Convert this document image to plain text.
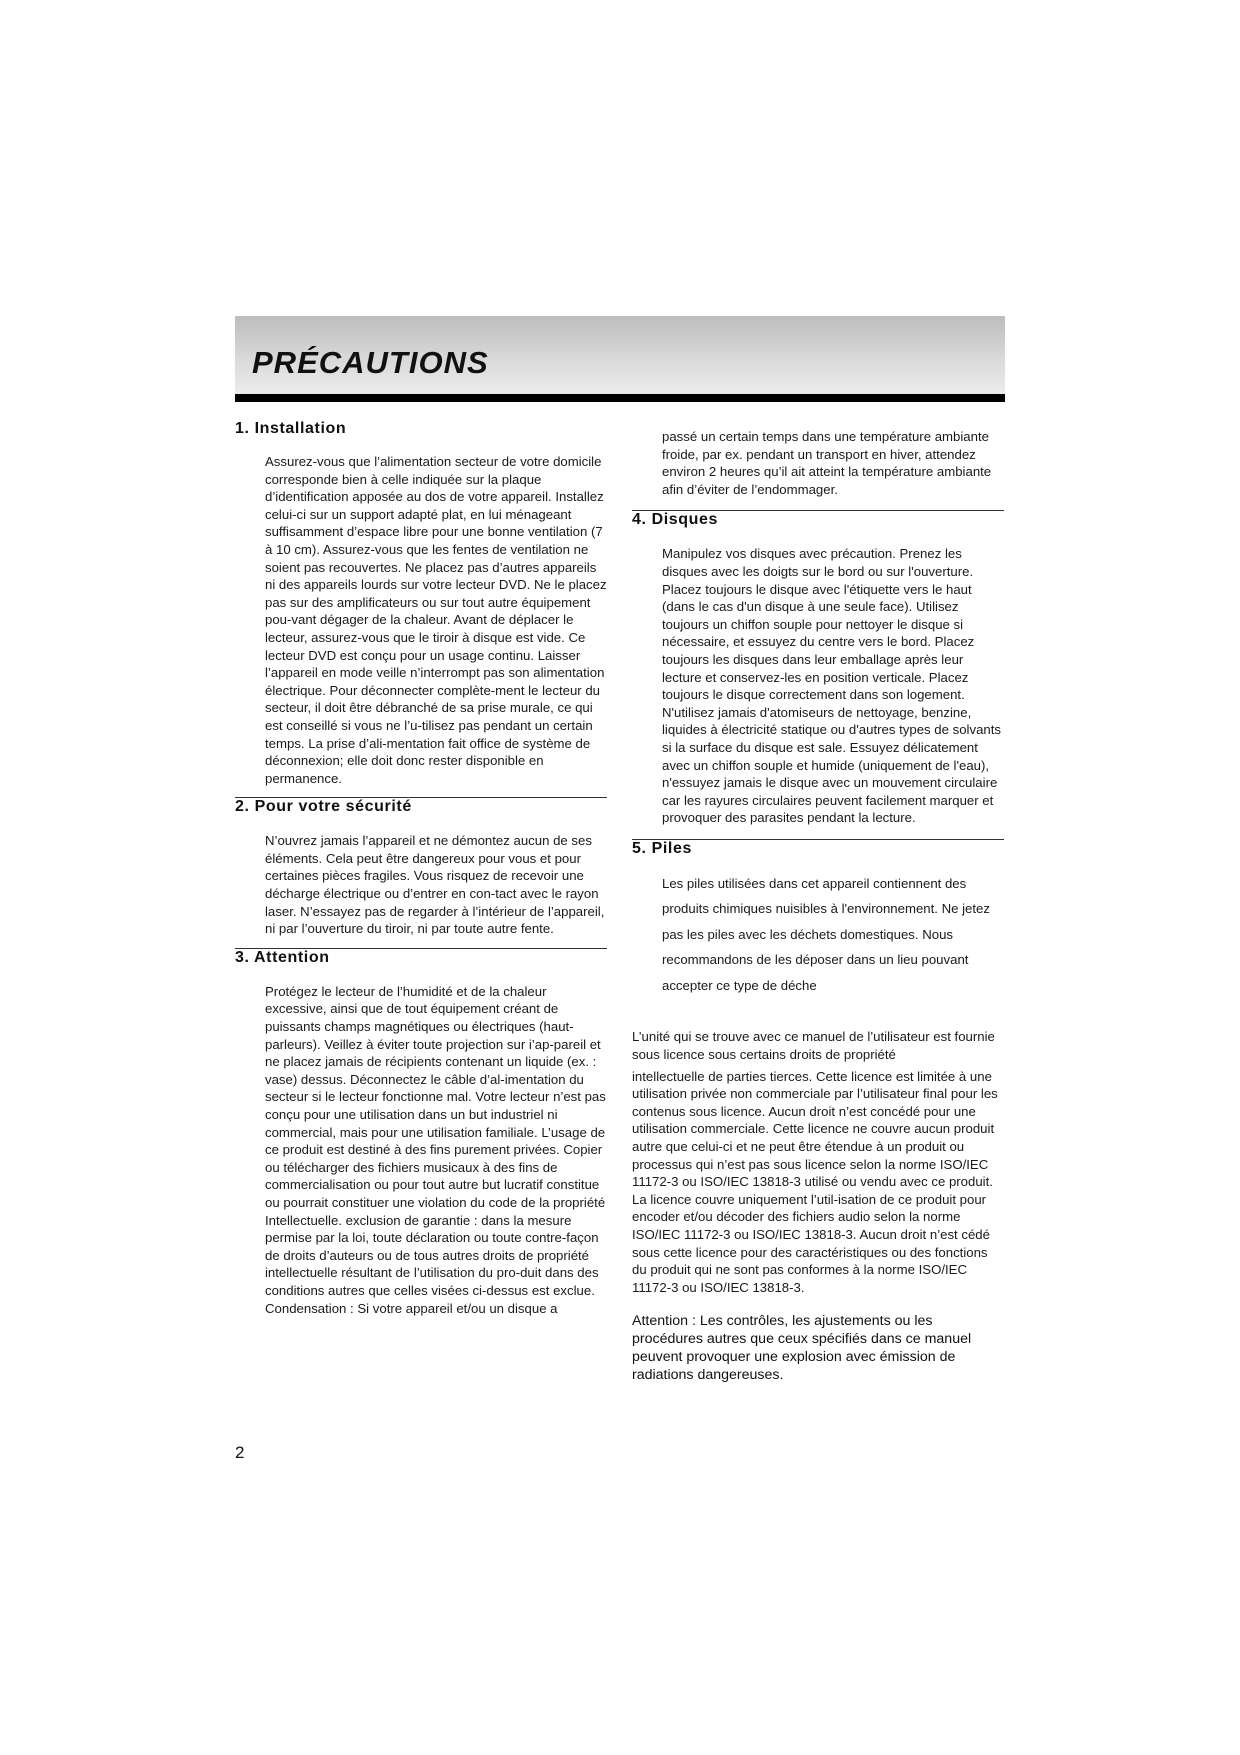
PRÉCAUTIONS
1. Installation

Assurez-vous que l’alimentation secteur de votre domicile corresponde bien à celle indiquée sur la plaque d’identification apposée au dos de votre appareil. Installez celui-ci sur un support adapté plat, en lui ménageant suffisamment d’espace libre pour une bonne ventilation (7 à 10 cm). Assurez-vous que les fentes de ventilation ne soient pas recouvertes. Ne placez pas d’autres appareils ni des appareils lourds sur votre lecteur DVD. Ne le placez pas sur des amplificateurs ou sur tout autre équipement pou-vant dégager de la chaleur. Avant de déplacer le lecteur, assurez-vous que le tiroir à disque est vide. Ce lecteur DVD est conçu pour un usage continu. Laisser l’appareil en mode veille n’interrompt pas son alimentation électrique. Pour déconnecter complète-ment le lecteur du secteur, il doit être débranché de sa prise murale, ce qui est conseillé si vous ne l’u-tilisez pas pendant un certain temps. La prise d’ali-mentation fait office de système de déconnexion; elle doit donc rester disponible en permanence.

2. Pour votre sécurité

N’ouvrez jamais l’appareil et ne démontez aucun de ses éléments. Cela peut être dangereux pour vous et pour certaines pièces fragiles. Vous risquez de recevoir une décharge électrique ou d’entrer en con-tact avec le rayon laser. N’essayez pas de regarder à l’intérieur de l’appareil, ni par l’ouverture du tiroir, ni par toute autre fente.

3. Attention

Protégez le lecteur de l’humidité et de la chaleur excessive, ainsi que de tout équipement créant de puissants champs magnétiques ou électriques (haut-parleurs). Veillez à éviter toute projection sur i’ap-pareil et ne placez jamais de récipients contenant un liquide (ex. : vase) dessus. Déconnectez le câble d’al-imentation du secteur si le lecteur fonctionne mal. Votre lecteur n’est pas conçu pour une utilisation dans un but industriel ni commercial, mais pour une utilisation familiale. L’usage de ce produit est destiné à des fins purement privées. Copier ou télécharger des fichiers musicaux à des fins de commercialisation ou pour tout autre but lucratif constitue ou pourrait constituer une violation du code de la propriété Intellectuelle. exclusion de garantie : dans la mesure permise par la loi, toute déclaration ou toute contre-façon de droits d’auteurs ou de tous autres droits de propriété intellectuelle résultant de l’utilisation du pro-duit dans des conditions autres que celles visées ci-dessus est exclue.

Condensation : Si votre appareil et/ou un disque a

passé un certain temps dans une température ambiante froide, par ex. pendant un transport en hiver, attendez environ 2 heures qu’il ait atteint la température ambiante afin d’éviter de l’endommager.

4. Disques

Manipulez vos disques avec précaution. Prenez les disques avec les doigts sur le bord ou sur l'ouverture. Placez toujours le disque avec l'étiquette vers le haut (dans le cas d'un disque à une seule face). Utilisez toujours un chiffon souple pour nettoyer le disque si nécessaire, et essuyez du centre vers le bord. Placez toujours les disques dans leur emballage après leur lecture et conservez-les en position verticale. Placez toujours le disque correctement dans son logement. N'utilisez jamais d'atomiseurs de nettoyage, benzine, liquides à électricité statique ou d'autres types de solvants si la surface du disque est sale. Essuyez délicatement avec un chiffon souple et humide (uniquement de l'eau), n'essuyez jamais le disque avec un mouvement circulaire car les rayures circulaires peuvent facilement marquer et provoquer des parasites pendant la lecture.

5. Piles

Les piles utilisées dans cet appareil contiennent des produits chimiques nuisibles à l'environnement. Ne jetez pas les piles avec les déchets domestiques. Nous recommandons de les déposer dans un lieu pouvant accepter ce type de déche

L’unité qui se trouve avec ce manuel de l’utilisateur est fournie sous licence sous certains droits de propriété

intellectuelle de parties tierces. Cette licence est limitée à une utilisation privée non commerciale par l’utilisateur final pour les contenus sous licence. Aucun droit n’est concédé pour une utilisation commerciale. Cette licence ne couvre aucun produit autre que celui-ci et ne peut être étendue à un produit ou processus qui n’est pas sous licence selon la norme ISO/IEC 11172-3 ou ISO/IEC 13818-3 utilisé ou vendu avec ce produit. La licence couvre uniquement l’util-isation de ce produit pour encoder et/ou décoder des fichiers audio selon la norme ISO/IEC 11172-3 ou ISO/IEC 13818-3. Aucun droit n’est cédé sous cette licence pour des caractéristiques ou des fonctions du produit qui ne sont pas conformes à la norme ISO/IEC 11172-3 ou ISO/IEC 13818-3.

Attention : Les contrôles, les ajustements ou les procédures autres que ceux spécifiés dans ce manuel peuvent provoquer une explosion avec émission de radiations dangereuses.

2
